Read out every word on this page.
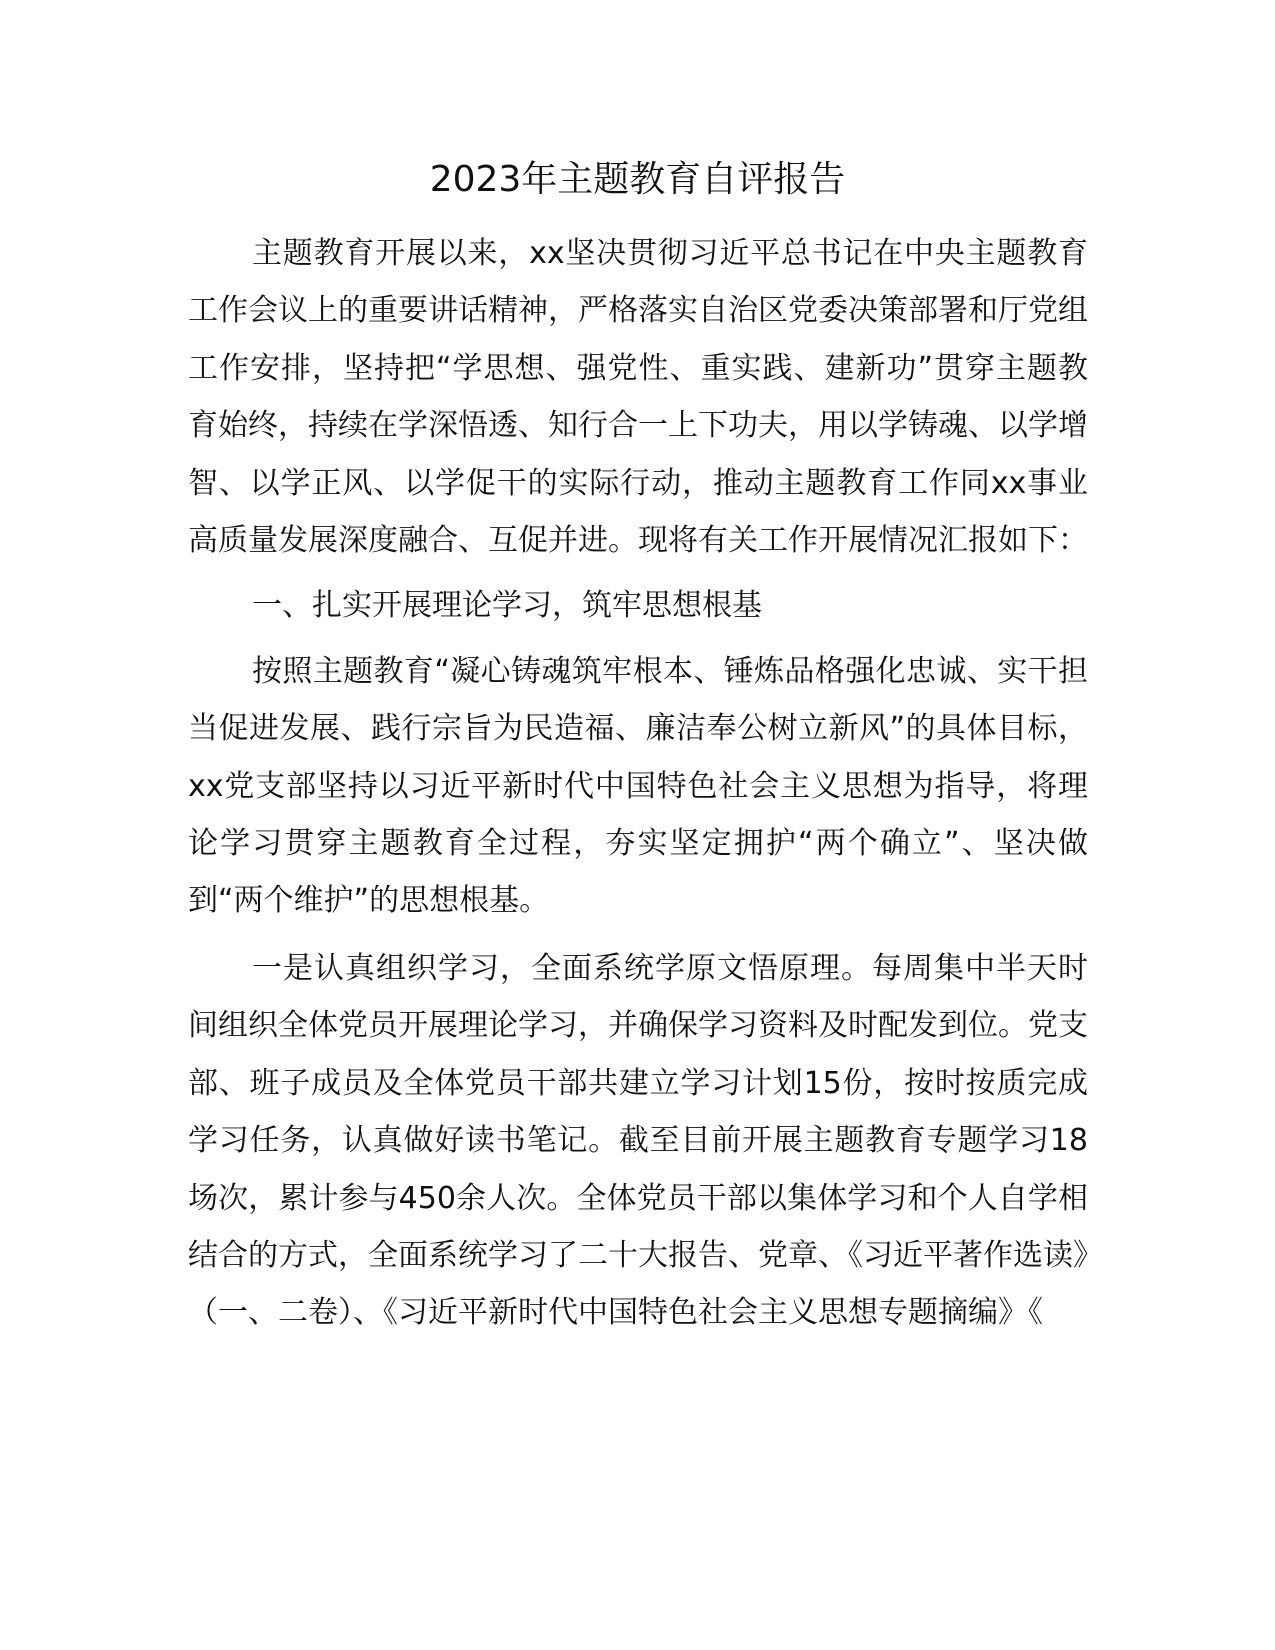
2023年主题教育自评报告

主题教育开展以来，xx坚决贯彻习近平总书记在中央主题教育工作会议上的重要讲话精神，严格落实自治区党委决策部署和厅党组工作安排，坚持把“学思想、强党性、重实践、建新功”贯穿主题教育始终，持续在学深悟透、知行合一上下功夫，用以学铸魂、以学增智、以学正风、以学促干的实际行动，推动主题教育工作同xx事业高质量发展深度融合、互促并进。现将有关工作开展情况汇报如下：

一、扎实开展理论学习，筑牢思想根基

按照主题教育“凝心铸魂筑牢根本、锤炼品格强化忠诚、实干担当促进发展、践行宗旨为民造福、廉洁奉公树立新风”的具体目标，xx党支部坚持以习近平新时代中国特色社会主义思想为指导，将理论学习贯穿主题教育全过程，夯实坚定拥护“两个确立”、坚决做到“两个维护”的思想根基。

一是认真组织学习，全面系统学原文悟原理。每周集中半天时间组织全体党员开展理论学习，并确保学习资料及时配发到位。党支部、班子成员及全体党员干部共建立学习计划15份，按时按质完成学习任务，认真做好读书笔记。截至目前开展主题教育专题学习18场次，累计参与450余人次。全体党员干部以集体学习和个人自学相结合的方式，全面系统学习了二十大报告、党章、《习近平著作选读》（一、二卷）、《习近平新时代中国特色社会主义思想专题摘编》《
